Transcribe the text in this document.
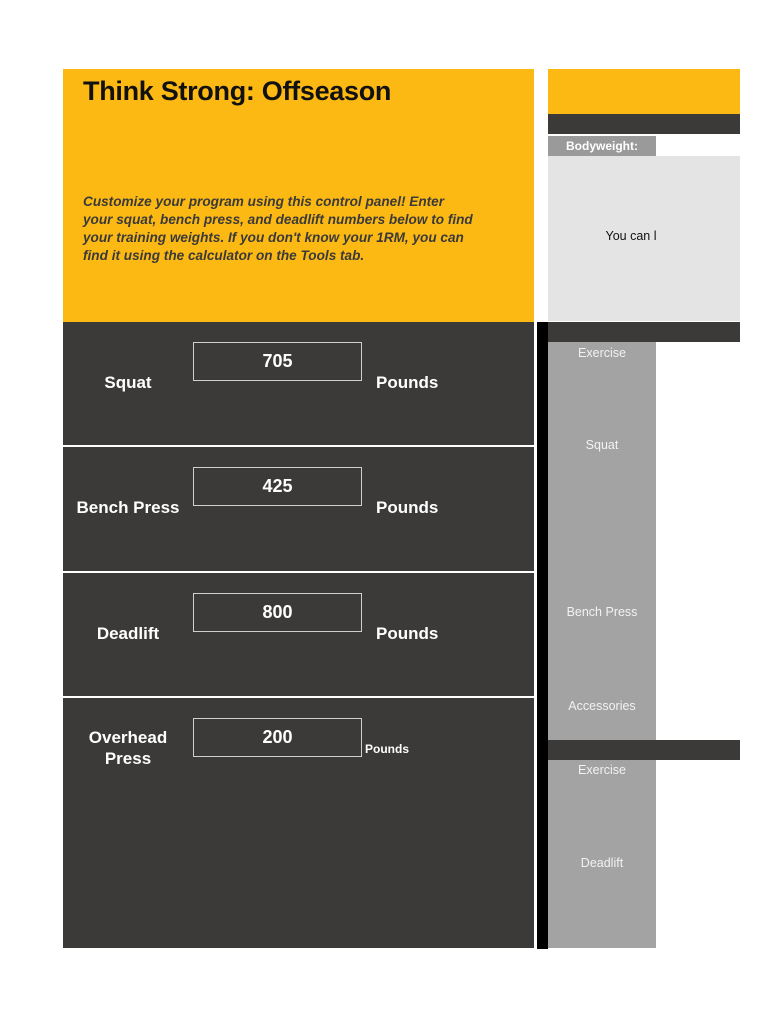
Think Strong: Offseason
Customize your program using this control panel! Enter your squat, bench press, and deadlift numbers below to find your training weights. If you don't know your 1RM, you can find it using the calculator on the Tools tab.
Squat
705
Pounds
Bench Press
425
Pounds
Deadlift
800
Pounds
Overhead
Press
200
Pounds
Bodyweight:
You can l
Exercise
Squat
Bench Press
Accessories
Exercise
Deadlift
